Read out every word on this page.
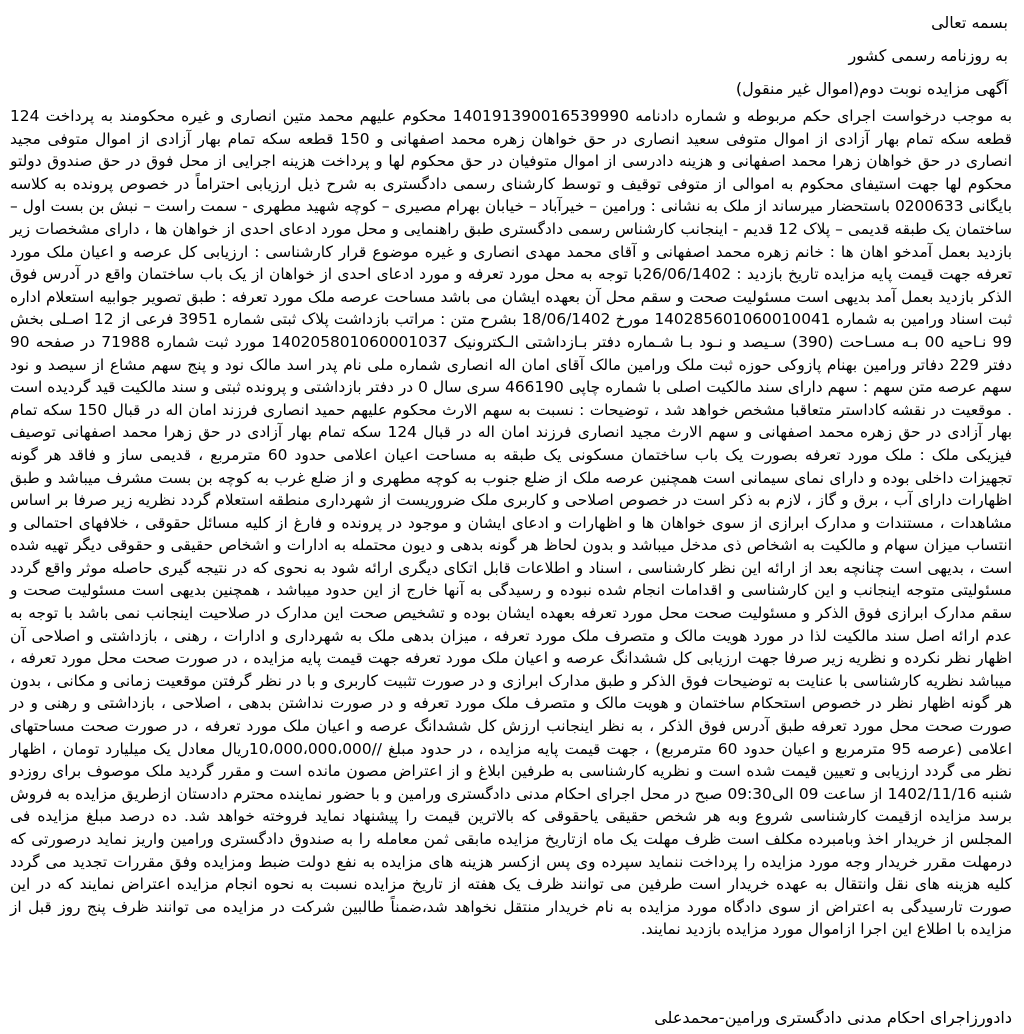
بسمه تعالی
به روزنامه رسمی کشور
آگهی مزایده نوبت دوم(اموال غیر منقول)

به موجب درخواست اجرای حکم مربوطه و شماره دادنامه 140191390016539990 محکوم علیهم محمد متین انصاری و غیره محکومند به پرداخت 124 قطعه سکه تمام بهار آزادی از اموال متوفی سعید انصاری در حق خواهان زهره محمد اصفهانی و 150 قطعه سکه تمام بهار آزادی از اموال متوفی مجید انصاری در حق خواهان زهرا محمد اصفهانی و هزینه دادرسی از اموال متوفیان در حق محکوم لها و پرداخت هزینه اجرایی از محل فوق در حق صندوق دولتو محکوم لها جهت استیفای محکوم به اموالی از متوفی توقیف و توسط کارشنای رسمی دادگستری به شرح ذیل ارزیابی احتراماً در خصوص پرونده به کلاسه بایگانی 0200633 باستحضار میرساند از ملک به نشانی : ورامین – خیرآباد – خیابان بهرام مصیری – کوچه شهید مطهری - سمت راست – نبش بن بست اول – ساختمان یک طبقه قدیمی – پلاک 12 قدیم - اینجانب کارشناس رسمی دادگستری طبق راهنمایی و محل مورد ادعای احدی از خواهان ها ، دارای مشخصات زیر بازدید بعمل آمدخو اهان ها : خانم زهره محمد اصفهانی و آقای محمد مهدی انصاری و غیره موضوع قرار کارشناسی : ارزیابی کل عرصه و اعیان ملک مورد تعرفه جهت قیمت پایه مزایده تاریخ بازدید : 26/06/1402با توجه به محل مورد تعرفه و مورد ادعای احدی از خواهان از یک باب ساختمان واقع در آدرس فوق الذکر بازدید بعمل آمد بدیهی است مسئولیت صحت و سقم محل آن بعهده ایشان می باشد مساحت عرصه ملک مورد تعرفه : طبق تصویر جوابیه استعلام اداره ثبت اسناد ورامین به شماره 14028560106001004​1 مورخ 18/06/1402 بشرح متن : مراتب بازداشت پلاک ثبتی شماره 3951 فرعی از 12 اصـلی بخش 99 نـاحیه 00 بـه مسـاحت (390) سـیصد و نـود بـا شـماره دفتر بـازداشتی الـکترونیک 140205801060001037 مورد ثبت شماره 71988 در صفحه 90 دفتر 229 دفاتر ورامین بهنام پازوکی حوزه ثبت ملک ورامین مالک آقای امان اله انصاری شماره ملی نام پدر اسد مالک نود و پنج سهم مشاع از سیصد و نود سهم عرصه متن سهم : سهم دارای سند مالکیت اصلی با شماره چاپی 466190 سری سال 0 در دفتر بازداشتی و پرونده ثبتی و سند مالکیت قید گردیده است . موقعیت در نقشه کاداستر متعاقبا مشخص خواهد شد ، توضیحات : نسبت به سهم الارث محکوم علیهم حمید انصاری فرزند امان اله در قبال 150 سکه تمام بهار آزادی در حق زهره محمد اصفهانی و سهم الارث مجید انصاری فرزند امان اله در قبال 124 سکه تمام بهار آزادی در حق زهرا محمد اصفهانی توصیف فیزیکی ملک : ملک مورد تعرفه بصورت یک باب ساختمان مسکونی یک طبقه به مساحت اعیان اعلامی حدود 60 مترمربع ، قدیمی ساز و فاقد هر گونه تجهیزات داخلی بوده و دارای نمای سیمانی است همچنین عرصه ملک از ضلع جنوب به کوچه مطهری و از ضلع غرب به کوچه بن بست مشرف میباشد و طبق اظهارات دارای آب ، برق و گاز ، لازم به ذکر است در خصوص اصلاحی و کاربری ملک ضروریست از شهرداری منطقه استعلام گردد نظریه زیر صرفا بر اساس مشاهدات ، مستندات و مدارک ابرازی از سوی خواهان ها و اظهارات و ادعای ایشان و موجود در پرونده و فارغ از کلیه مسائل حقوقی ، خلافهای احتمالی و انتساب میزان سهام و مالکیت به اشخاص ذی مدخل میباشد و بدون لحاظ هر گونه بدهی و دیون محتمله به ادارات و اشخاص حقیقی و حقوقی دیگر تهیه شده است ، بدیهی است چنانچه بعد از ارائه این نظر کارشناسی ، اسناد و اطلاعات قابل اتکای دیگری ارائه شود به نحوی که در نتیجه گیری حاصله موثر واقع گردد مسئولیتی متوجه اینجانب و این کارشناسی و اقدامات انجام شده نبوده و رسیدگی به آنها خارج از این حدود میباشد ، همچنین بدیهی است مسئولیت صحت و سقم مدارک ابرازی فوق الذکر و مسئولیت صحت محل مورد تعرفه بعهده ایشان بوده و تشخیص صحت این مدارک در صلاحیت اینجانب نمی باشد با توجه به عدم ارائه اصل سند مالکیت لذا در مورد هویت مالک و متصرف ملک مورد تعرفه ، میزان بدهی ملک به شهرداری و ادارات ، رهنی ، بازداشتی و اصلاحی آن اظهار نظر نکرده و نظریه زیر صرفا جهت ارزیابی کل ششدانگ عرصه و اعیان ملک مورد تعرفه جهت قیمت پایه مزایده ، در صورت صحت محل مورد تعرفه ، میباشد نظریه کارشناسی با عنایت به توضیحات فوق الذکر و طبق مدارک ابرازی و در صورت تثبیت کاربری و با در نظر گرفتن موقعیت زمانی و مکانی ، بدون هر گونه اظهار نظر در خصوص استحکام ساختمان و هویت مالک و متصرف ملک مورد تعرفه و در صورت نداشتن بدهی ، اصلاحی ، بازداشتی و رهنی و در صورت صحت محل مورد تعرفه طبق آدرس فوق الذکر ، به نظر اینجانب ارزش کل ششدانگ عرصه و اعیان ملک مورد تعرفه ، در صورت صحت مساحتهای اعلامی (عرصه 95 مترمربع و اعیان حدود 60 مترمربع) ، جهت قیمت پایه مزایده ، در حدود مبلغ //10،000،000،000ریال معادل یک میلیارد تومان ، اظهار نظر می گردد ارزیابی و تعیین قیمت شده است و نظریه کارشناسی به طرفین ابلاغ و از اعتراض مصون مانده است و مقرر گردید ملک موصوف برای روزدو شنبه 1402/11/16 از ساعت 09 الی09:30 صبح در محل اجرای احکام مدنی دادگستری ورامین و با حضور نماینده محترم دادستان ازطریق مزایده به فروش برسد مزایده ازقیمت کارشناسی شروع وبه هر شخص حقیقی یاحقوقی که بالاترین قیمت را پیشنهاد نماید فروخته خواهد شد. ده درصد مبلغ مزایده فی المجلس از خریدار اخذ وبامبرده مکلف است ظرف مهلت یک ماه ازتاریخ مزایده مابقی ثمن معامله را به صندوق دادگستری ورامین واریز نماید درصورتی که درمهلت مقرر خریدار وجه مورد مزایده را پرداخت ننماید سپرده وی پس ازکسر هزینه های مزایده به نفع دولت ضبط ومزایده وفق مقررات تجدید می گردد کلیه هزینه های نقل وانتقال به عهده خریدار است طرفین می توانند ظرف یک هفته از تاریخ مزایده نسبت به نحوه انجام مزایده اعتراض نمایند که در این صورت تارسیدگی به اعتراض از سوی دادگاه مورد مزایده به نام خریدار منتقل نخواهد شد،ضمناً طالبین شرکت در مزایده می توانند ظرف پنج روز قبل از مزایده با اطلاع این اجرا ازاموال مورد مزایده بازدید نمایند.

دادورزاجرای احکام مدنی دادگستری ورامین-محمدعلی
